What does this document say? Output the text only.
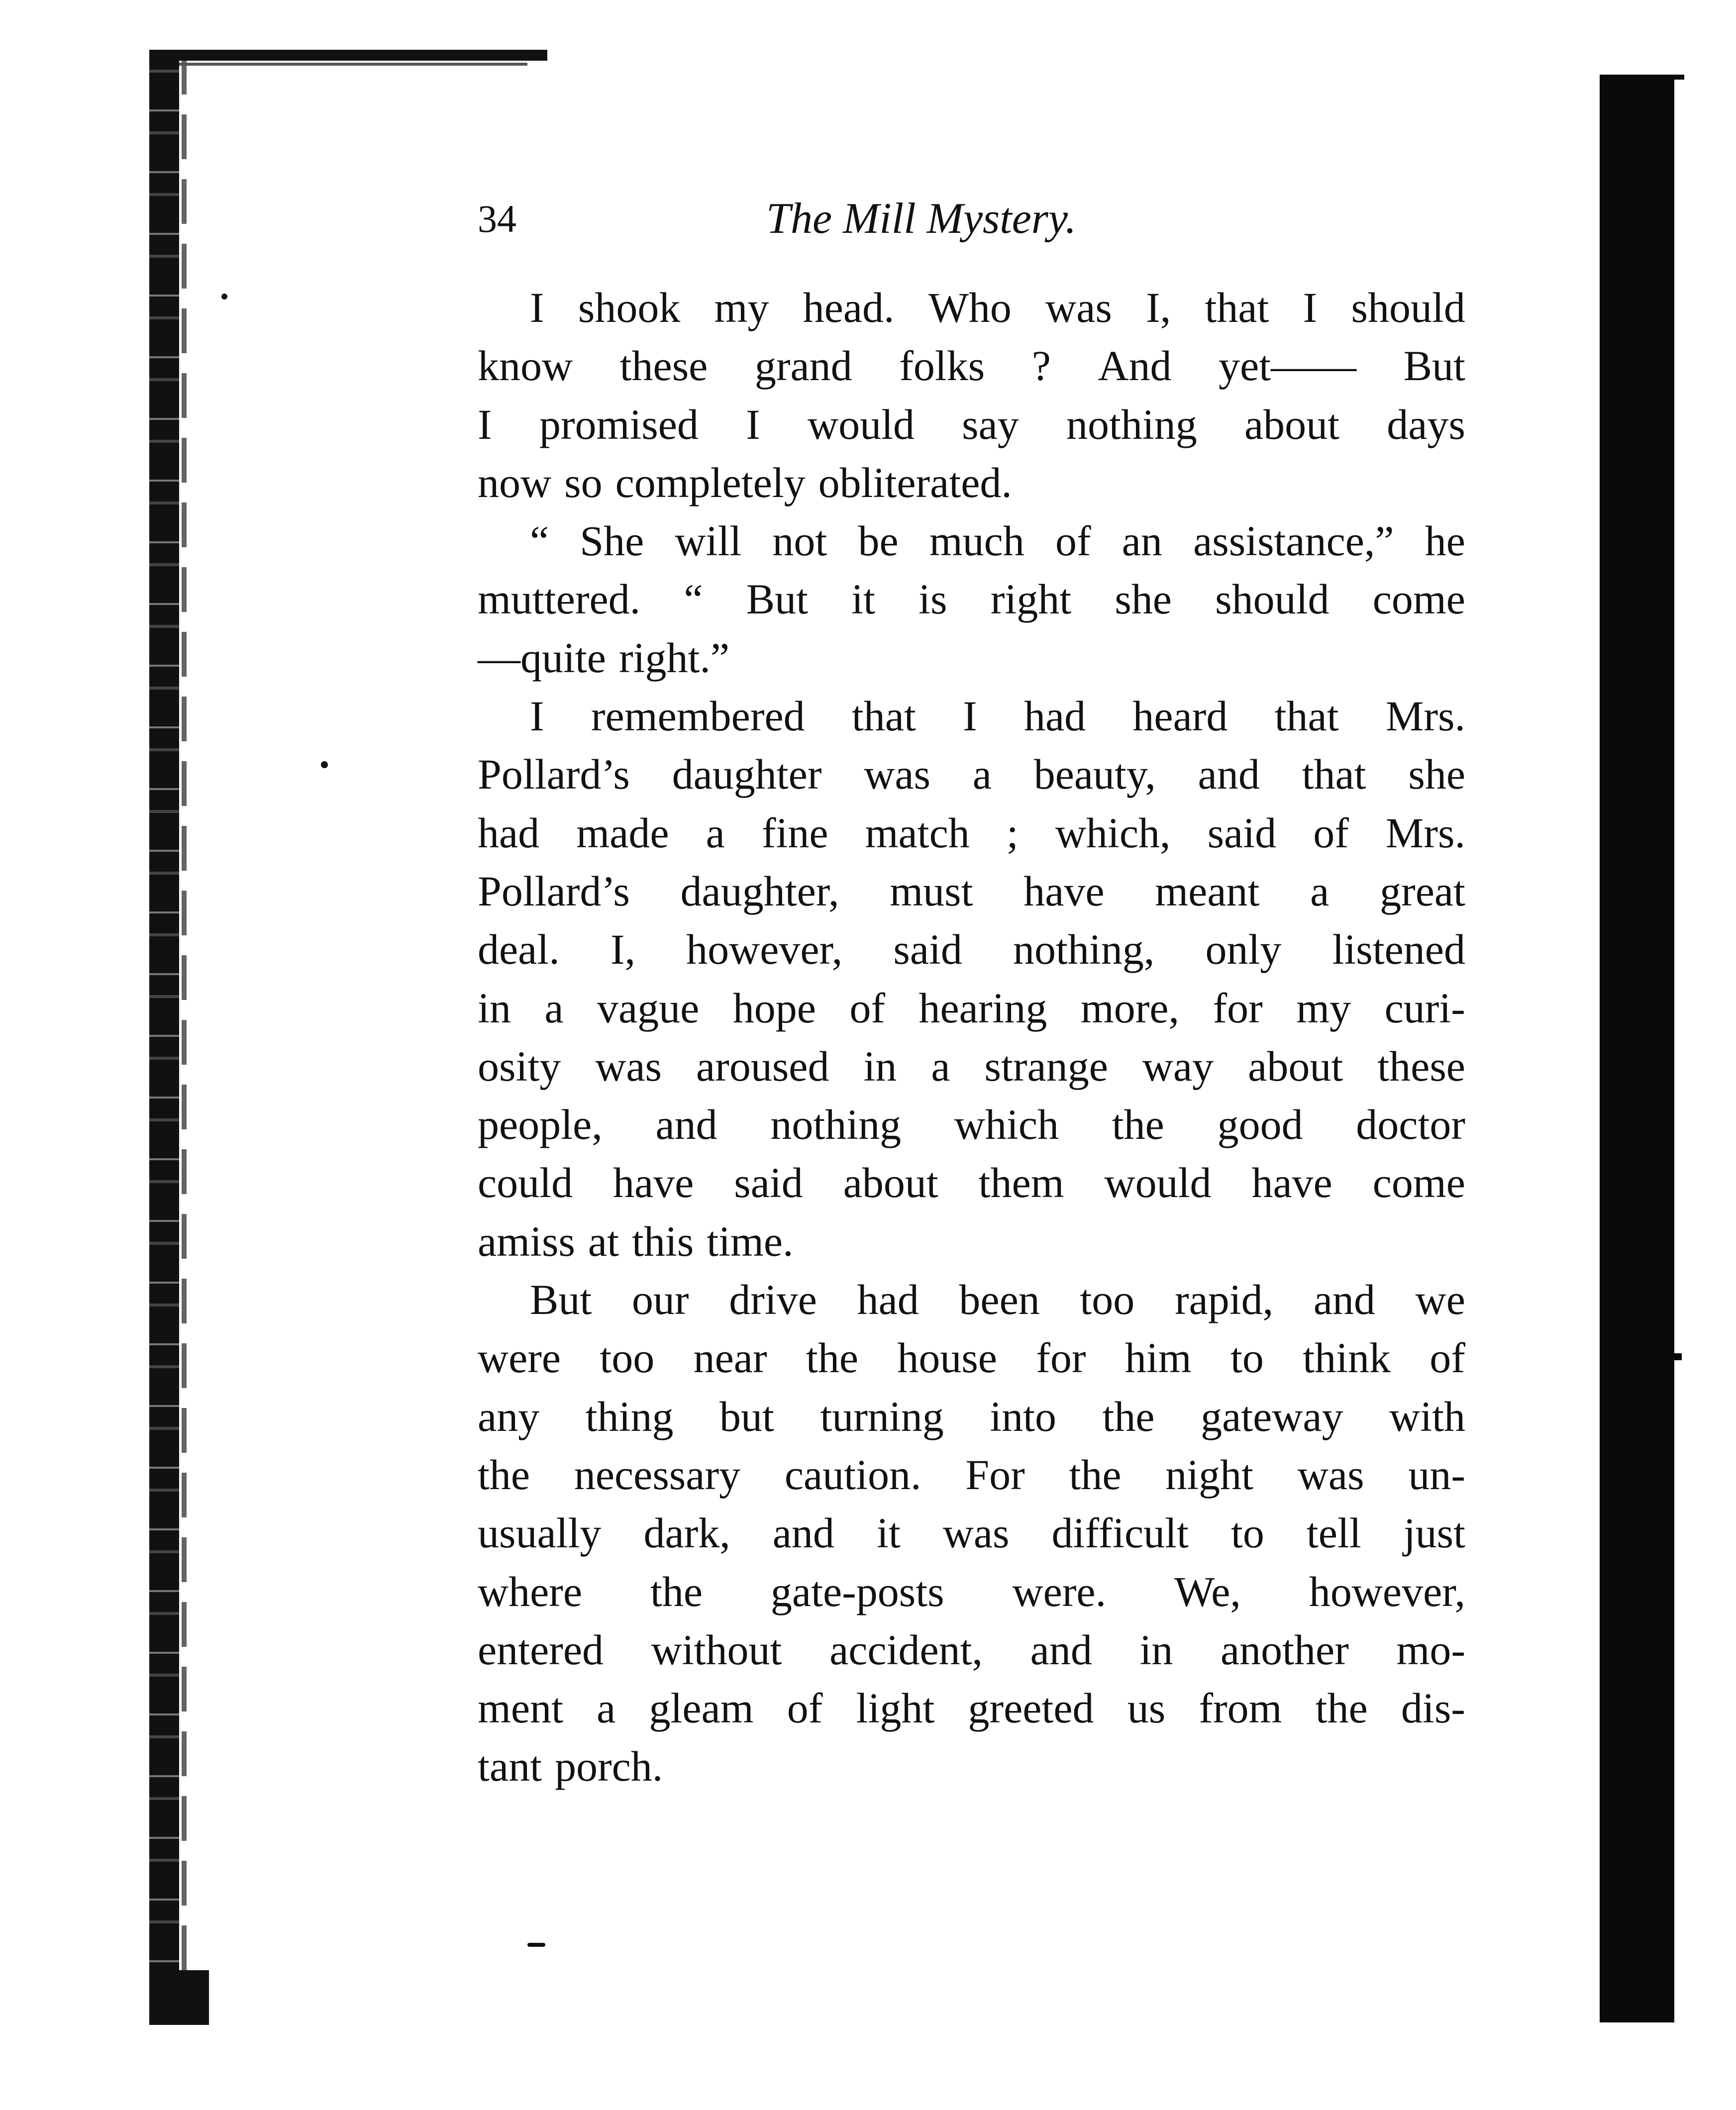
34	The Mill Mystery.
I shook my head. Who was I, that I should
know these grand folks ? And yet—— But
I promised I would say nothing about days
now so completely obliterated.
“ She will not be much of an assistance,” he
muttered. “ But it is right she should come
—quite right.”
I remembered that I had heard that Mrs.
Pollard’s daughter was a beauty, and that she
had made a fine match ; which, said of Mrs.
Pollard’s daughter, must have meant a great
deal. I, however, said nothing, only listened
in a vague hope of hearing more, for my curi-
osity was aroused in a strange way about these
people, and nothing which the good doctor
could have said about them would have come
amiss at this time.
But our drive had been too rapid, and we
were too near the house for him to think of
any thing but turning into the gateway with
the necessary caution. For the night was un-
usually dark, and it was difficult to tell just
where the gate-posts were. We, however,
entered without accident, and in another mo-
ment a gleam of light greeted us from the dis-
tant porch.
